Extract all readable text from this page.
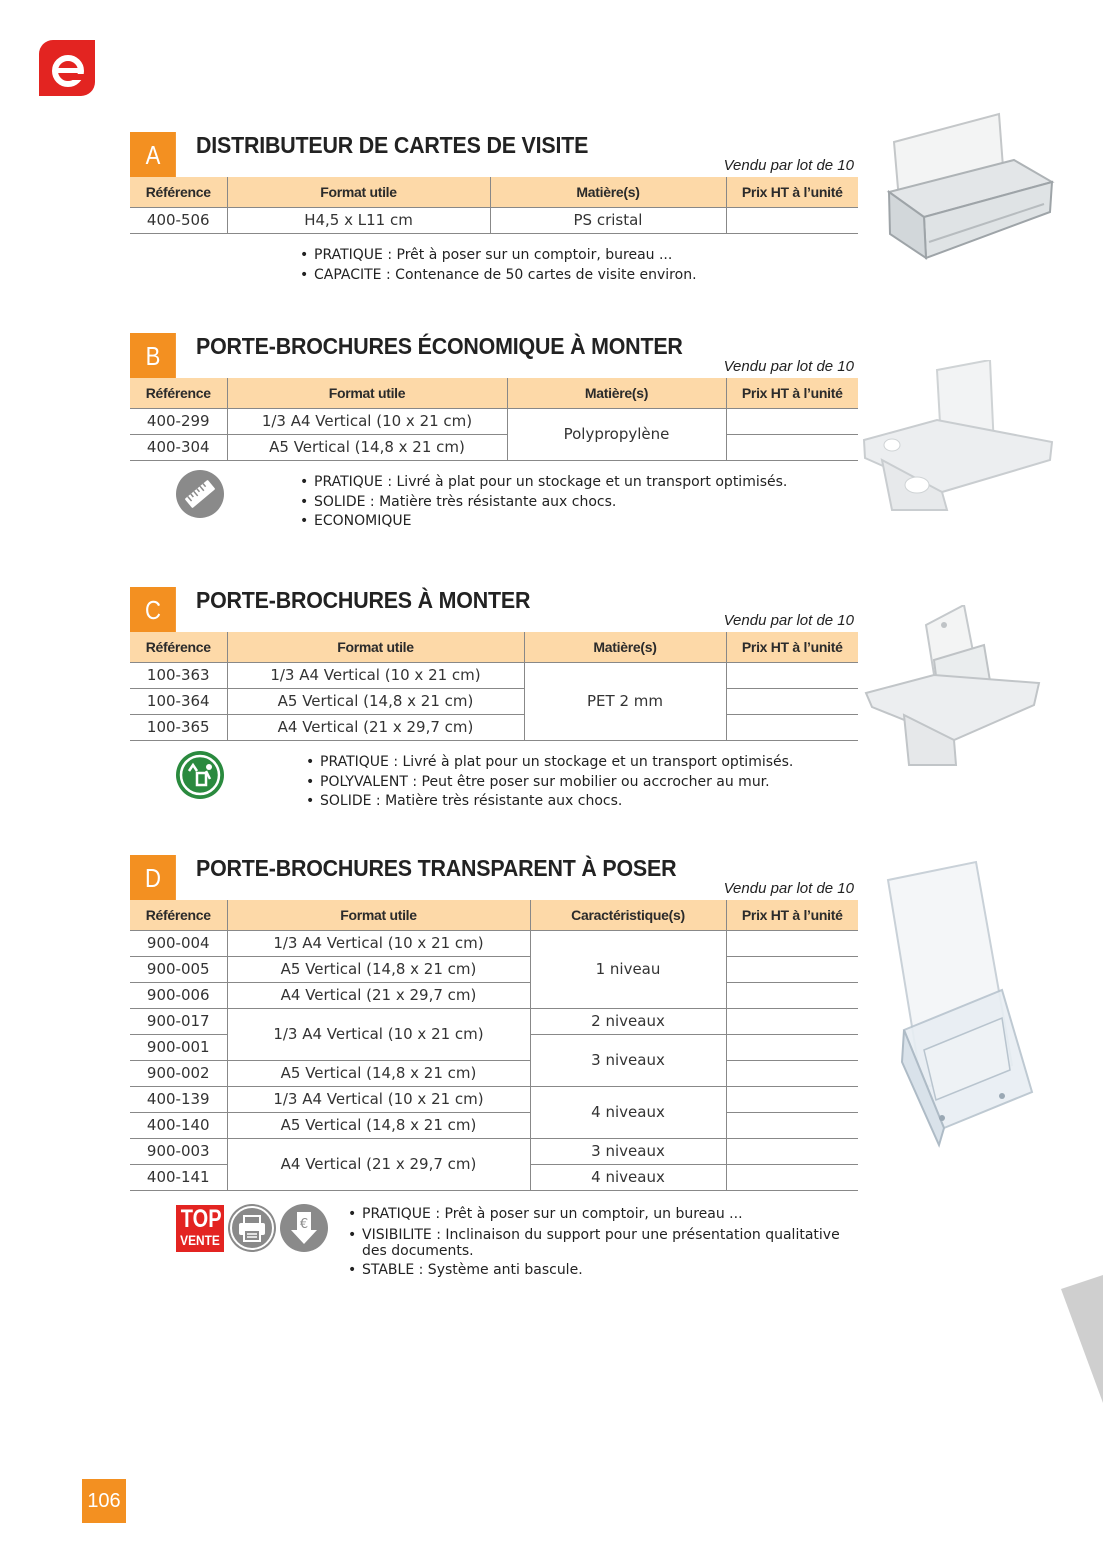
A	DISTRIBUTEUR DE CARTES DE VISITE
Vendu par lot de 10
Référence	Format utile	Matière(s)	Prix HT à l’unité
400-506	H4,5 x L11 cm	PS cristal	
• PRATIQUE : Prêt à poser sur un comptoir, bureau ...
• CAPACITE : Contenance de 50 cartes de visite environ.
B	PORTE-BROCHURES ÉCONOMIQUE À MONTER
Vendu par lot de 10
Référence	Format utile	Matière(s)	Prix HT à l’unité
400-299	1/3 A4 Vertical (10 x 21 cm)	Polypropylène	
400-304	A5 Vertical (14,8 x 21 cm)		
• PRATIQUE : Livré à plat pour un stockage et un transport optimisés.
• SOLIDE : Matière très résistante aux chocs.
• ECONOMIQUE
C	PORTE-BROCHURES À MONTER
Vendu par lot de 10
Référence	Format utile	Matière(s)	Prix HT à l’unité
100-363	1/3 A4 Vertical (10 x 21 cm)	PET 2 mm	
100-364	A5 Vertical (14,8 x 21 cm)		
100-365	A4 Vertical (21 x 29,7 cm)		
• PRATIQUE : Livré à plat pour un stockage et un transport optimisés.
• POLYVALENT : Peut être poser sur mobilier ou accrocher au mur.
• SOLIDE : Matière très résistante aux chocs.
D	PORTE-BROCHURES TRANSPARENT À POSER
Vendu par lot de 10
Référence	Format utile	Caractéristique(s)	Prix HT à l’unité
900-004	1/3 A4 Vertical (10 x 21 cm)	1 niveau	
900-005	A5 Vertical (14,8 x 21 cm)		
900-006	A4 Vertical (21 x 29,7 cm)		
900-017	1/3 A4 Vertical (10 x 21 cm)	2 niveaux	
900-001		3 niveaux	
900-002	A5 Vertical (14,8 x 21 cm)		
400-139	1/3 A4 Vertical (10 x 21 cm)	4 niveaux	
400-140	A5 Vertical (14,8 x 21 cm)		
900-003	A4 Vertical (21 x 29,7 cm)	3 niveaux	
400-141		4 niveaux	
• PRATIQUE : Prêt à poser sur un comptoir, un bureau ...
• VISIBILITE : Inclinaison du support pour une présentation qualitative des documents.
• STABLE : Système anti bascule.
TOP
VENTE
€
106
